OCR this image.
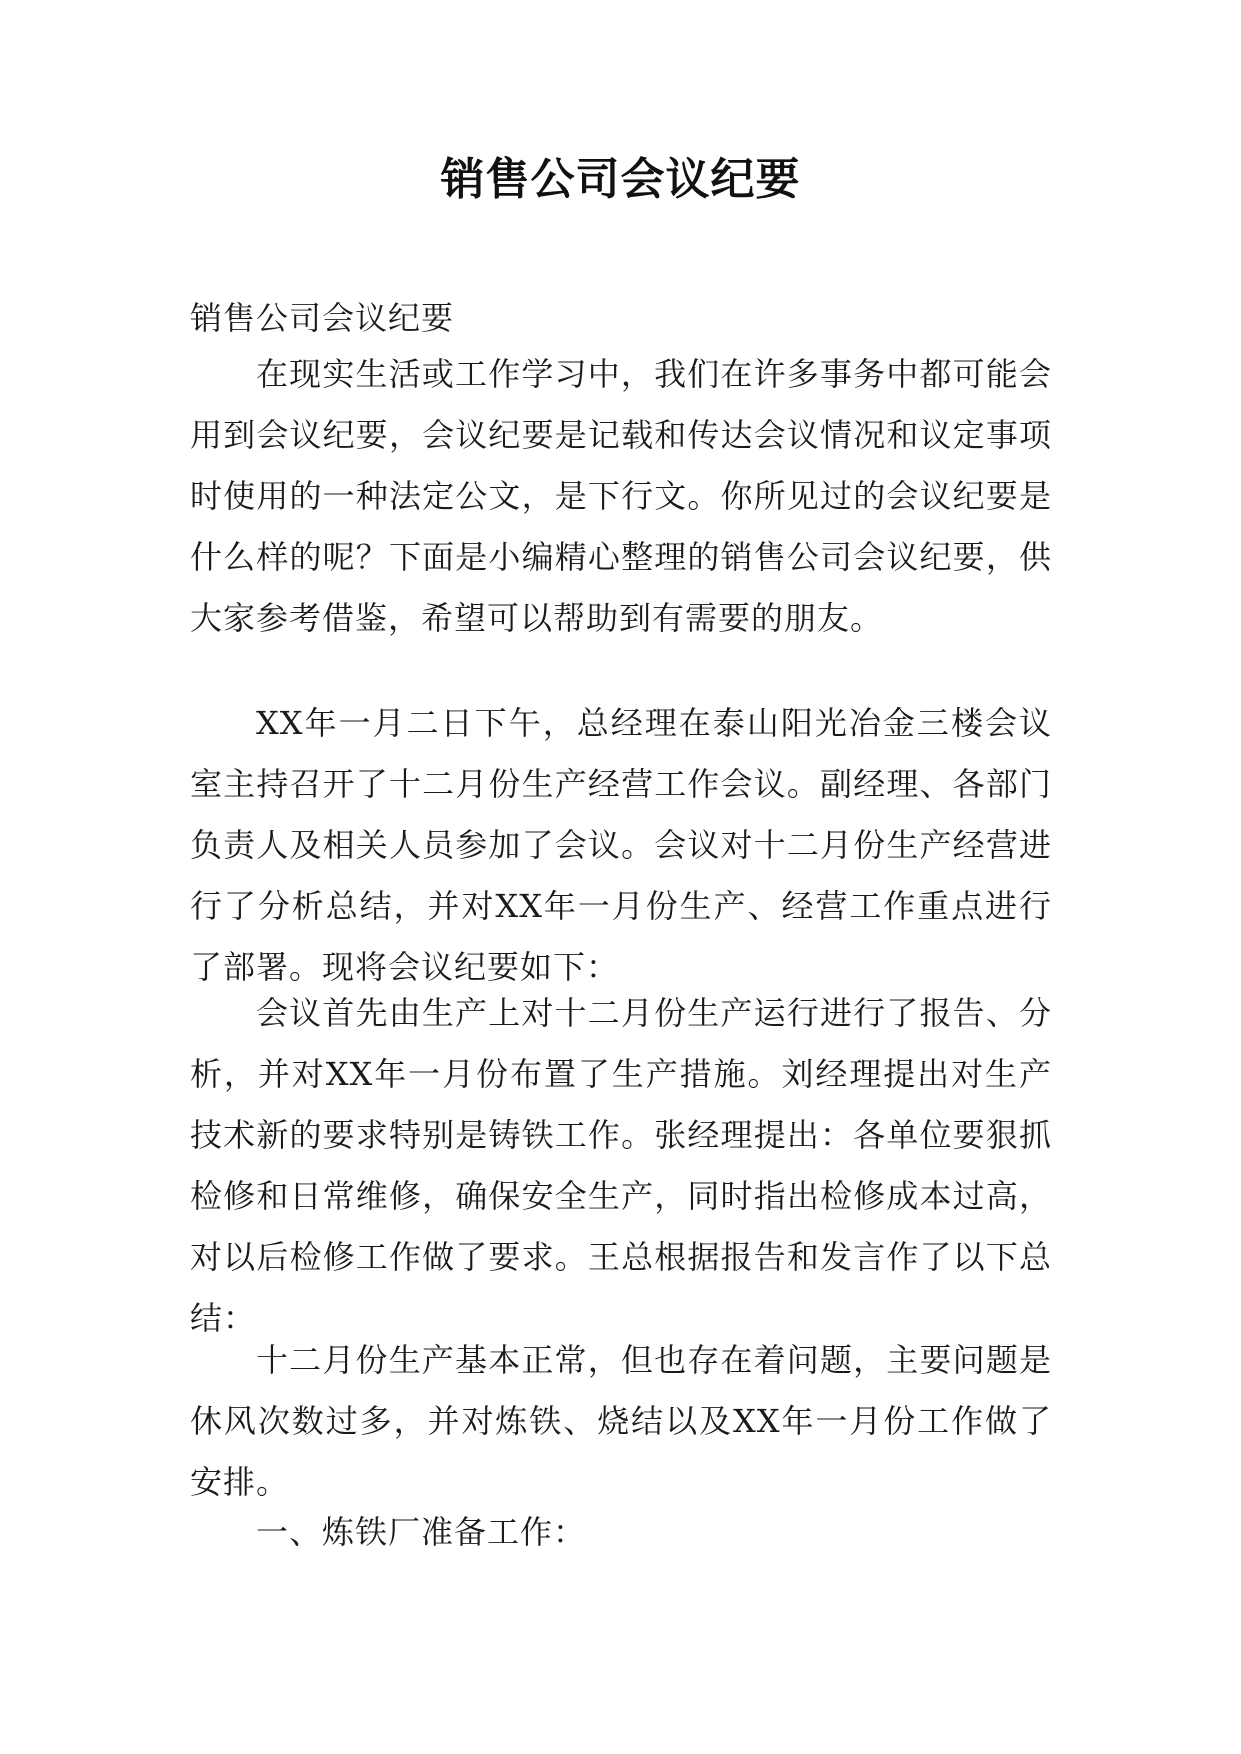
销售公司会议纪要

销售公司会议纪要

在现实生活或工作学习中，我们在许多事务中都可能会用到会议纪要，会议纪要是记载和传达会议情况和议定事项时使用的一种法定公文，是下行文。你所见过的会议纪要是什么样的呢？下面是小编精心整理的销售公司会议纪要，供大家参考借鉴，希望可以帮助到有需要的朋友。

XX年一月二日下午，总经理在泰山阳光冶金三楼会议室主持召开了十二月份生产经营工作会议。副经理、各部门负责人及相关人员参加了会议。会议对十二月份生产经营进行了分析总结，并对XX年一月份生产、经营工作重点进行了部署。现将会议纪要如下：

会议首先由生产上对十二月份生产运行进行了报告、分析，并对XX年一月份布置了生产措施。刘经理提出对生产技术新的要求特别是铸铁工作。张经理提出：各单位要狠抓检修和日常维修，确保安全生产，同时指出检修成本过高，对以后检修工作做了要求。王总根据报告和发言作了以下总结：

十二月份生产基本正常，但也存在着问题，主要问题是休风次数过多，并对炼铁、烧结以及XX年一月份工作做了安排。

一、炼铁厂准备工作：
